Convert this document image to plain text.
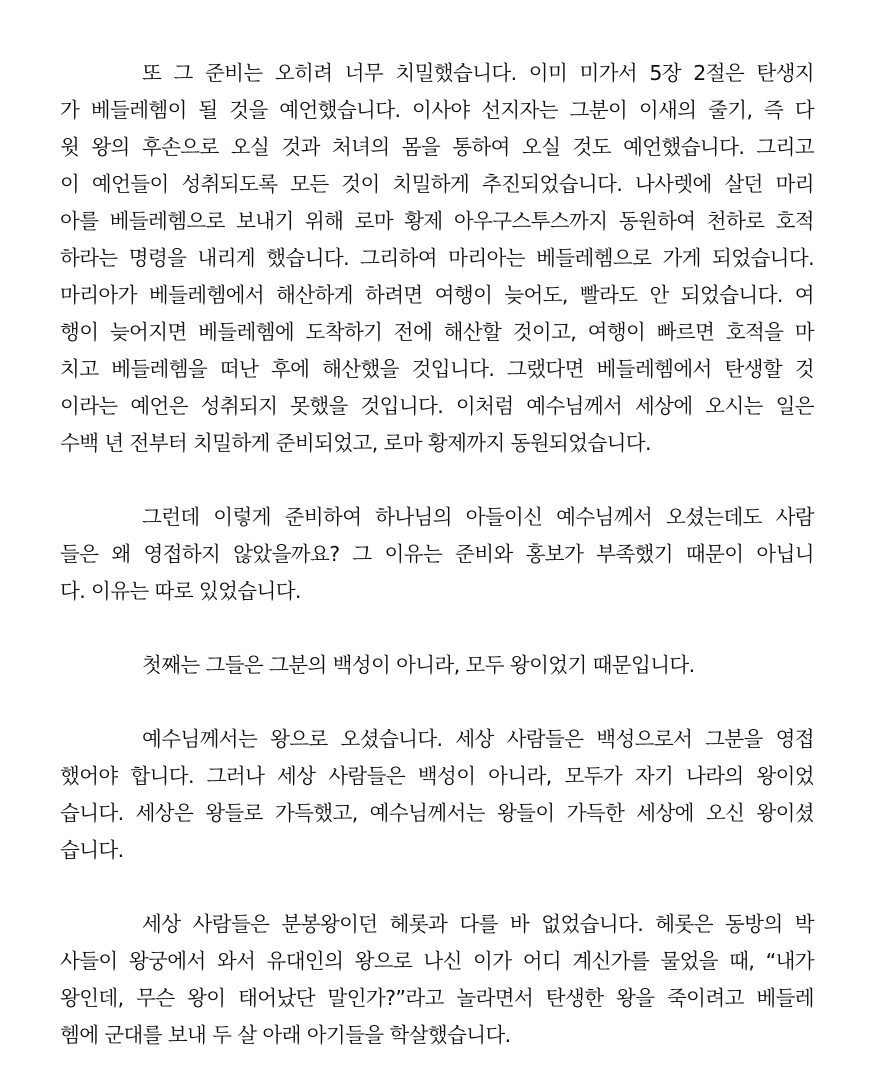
또 그 준비는 오히려 너무 치밀했습니다. 이미 미가서 5장 2절은 탄생지
가 베들레헴이 될 것을 예언했습니다. 이사야 선지자는 그분이 이새의 줄기, 즉 다
윗 왕의 후손으로 오실 것과 처녀의 몸을 통하여 오실 것도 예언했습니다. 그리고
이 예언들이 성취되도록 모든 것이 치밀하게 추진되었습니다. 나사렛에 살던 마리
아를 베들레헴으로 보내기 위해 로마 황제 아우구스투스까지 동원하여 천하로 호적
하라는 명령을 내리게 했습니다. 그리하여 마리아는 베들레헴으로 가게 되었습니다.
마리아가 베들레헴에서 해산하게 하려면 여행이 늦어도, 빨라도 안 되었습니다. 여
행이 늦어지면 베들레헴에 도착하기 전에 해산할 것이고, 여행이 빠르면 호적을 마
치고 베들레헴을 떠난 후에 해산했을 것입니다. 그랬다면 베들레헴에서 탄생할 것
이라는 예언은 성취되지 못했을 것입니다. 이처럼 예수님께서 세상에 오시는 일은
수백 년 전부터 치밀하게 준비되었고, 로마 황제까지 동원되었습니다.
그런데 이렇게 준비하여 하나님의 아들이신 예수님께서 오셨는데도 사람
들은 왜 영접하지 않았을까요? 그 이유는 준비와 홍보가 부족했기 때문이 아닙니
다. 이유는 따로 있었습니다.
첫째는 그들은 그분의 백성이 아니라, 모두 왕이었기 때문입니다.
예수님께서는 왕으로 오셨습니다. 세상 사람들은 백성으로서 그분을 영접
했어야 합니다. 그러나 세상 사람들은 백성이 아니라, 모두가 자기 나라의 왕이었
습니다. 세상은 왕들로 가득했고, 예수님께서는 왕들이 가득한 세상에 오신 왕이셨
습니다.
세상 사람들은 분봉왕이던 헤롯과 다를 바 없었습니다. 헤롯은 동방의 박
사들이 왕궁에서 와서 유대인의 왕으로 나신 이가 어디 계신가를 물었을 때, “내가
왕인데, 무슨 왕이 태어났단 말인가?”라고 놀라면서 탄생한 왕을 죽이려고 베들레
헴에 군대를 보내 두 살 아래 아기들을 학살했습니다.
